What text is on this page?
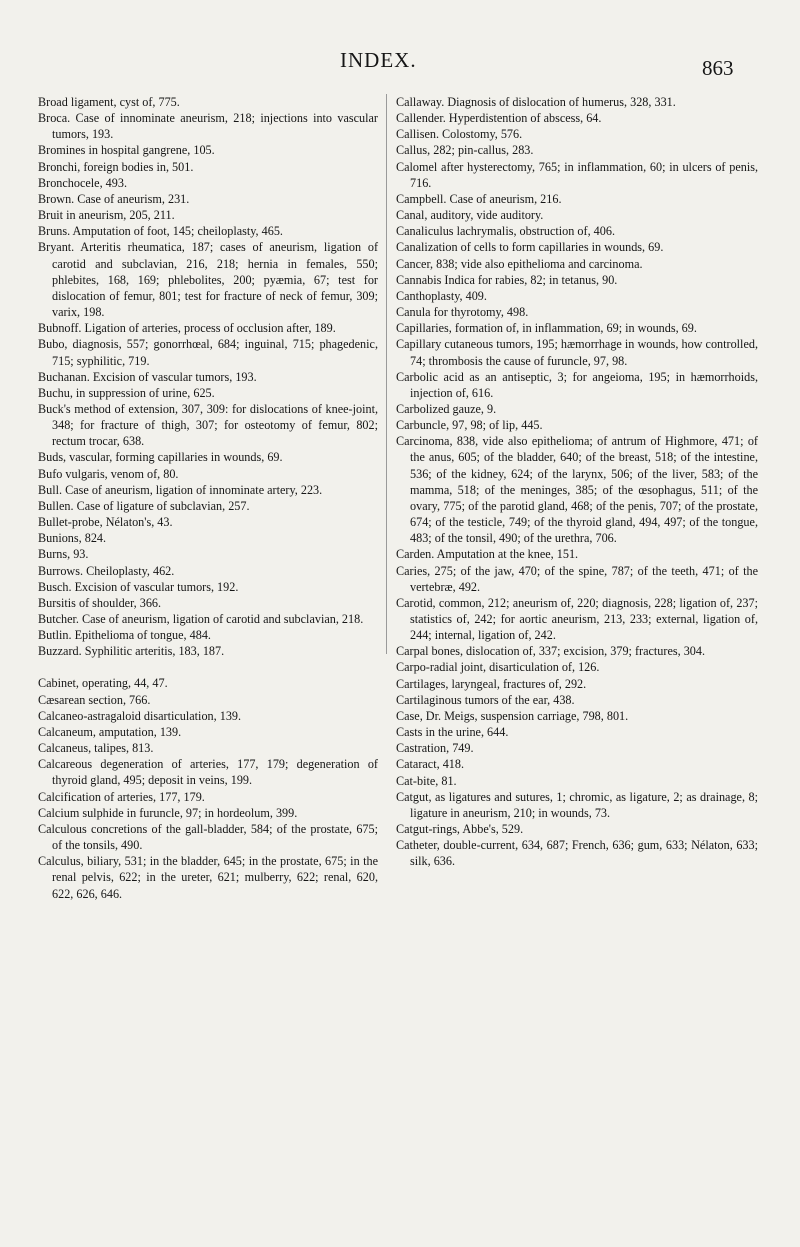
INDEX.	863

Broad ligament, cyst of, 775.

Broca. Case of innominate aneurism, 218; injections into vascular tumors, 193.

Bromines in hospital gangrene, 105.

Bronchi, foreign bodies in, 501.

Bronchocele, 493.

Brown. Case of aneurism, 231.

Bruit in aneurism, 205, 211.

Bruns. Amputation of foot, 145; cheiloplasty, 465.

Bryant. Arteritis rheumatica, 187; cases of aneurism, ligation of carotid and subclavian, 216, 218; hernia in females, 550; phlebites, 168, 169; phlebolites, 200; pyæmia, 67; test for dislocation of femur, 801; test for fracture of neck of femur, 309; varix, 198.

Bubnoff. Ligation of arteries, process of occlusion after, 189.

Bubo, diagnosis, 557; gonorrhœal, 684; inguinal, 715; phagedenic, 715; syphilitic, 719.

Buchanan. Excision of vascular tumors, 193.

Buchu, in suppression of urine, 625.

Buck's method of extension, 307, 309: for dislocations of knee-joint, 348; for fracture of thigh, 307; for osteotomy of femur, 802; rectum trocar, 638.

Buds, vascular, forming capillaries in wounds, 69.

Bufo vulgaris, venom of, 80.

Bull. Case of aneurism, ligation of innominate artery, 223.

Bullen. Case of ligature of subclavian, 257.

Bullet-probe, Nélaton's, 43.

Bunions, 824.

Burns, 93.

Burrows. Cheiloplasty, 462.

Busch. Excision of vascular tumors, 192.

Bursitis of shoulder, 366.

Butcher. Case of aneurism, ligation of carotid and subclavian, 218.

Butlin. Epithelioma of tongue, 484.

Buzzard. Syphilitic arteritis, 183, 187.

Cabinet, operating, 44, 47.

Cæsarean section, 766.

Calcaneo-astragaloid disarticulation, 139.

Calcaneum, amputation, 139.

Calcaneus, talipes, 813.

Calcareous degeneration of arteries, 177, 179; degeneration of thyroid gland, 495; deposit in veins, 199.

Calcification of arteries, 177, 179.

Calcium sulphide in furuncle, 97; in hordeolum, 399.

Calculous concretions of the gall-bladder, 584; of the prostate, 675; of the tonsils, 490.

Calculus, biliary, 531; in the bladder, 645; in the prostate, 675; in the renal pelvis, 622; in the ureter, 621; mulberry, 622; renal, 620, 622, 626, 646.

Callaway. Diagnosis of dislocation of humerus, 328, 331.

Callender. Hyperdistention of abscess, 64.

Callisen. Colostomy, 576.

Callus, 282; pin-callus, 283.

Calomel after hysterectomy, 765; in inflammation, 60; in ulcers of penis, 716.

Campbell. Case of aneurism, 216.

Canal, auditory, vide auditory.

Canaliculus lachrymalis, obstruction of, 406.

Canalization of cells to form capillaries in wounds, 69.

Cancer, 838; vide also epithelioma and carcinoma.

Cannabis Indica for rabies, 82; in tetanus, 90.

Canthoplasty, 409.

Canula for thyrotomy, 498.

Capillaries, formation of, in inflammation, 69; in wounds, 69.

Capillary cutaneous tumors, 195; hæmorrhage in wounds, how controlled, 74; thrombosis the cause of furuncle, 97, 98.

Carbolic acid as an antiseptic, 3; for angeioma, 195; in hæmorrhoids, injection of, 616.

Carbolized gauze, 9.

Carbuncle, 97, 98; of lip, 445.

Carcinoma, 838, vide also epithelioma; of antrum of Highmore, 471; of the anus, 605; of the bladder, 640; of the breast, 518; of the intestine, 536; of the kidney, 624; of the larynx, 506; of the liver, 583; of the mamma, 518; of the meninges, 385; of the œsophagus, 511; of the ovary, 775; of the parotid gland, 468; of the penis, 707; of the prostate, 674; of the testicle, 749; of the thyroid gland, 494, 497; of the tongue, 483; of the tonsil, 490; of the urethra, 706.

Carden. Amputation at the knee, 151.

Caries, 275; of the jaw, 470; of the spine, 787; of the teeth, 471; of the vertebræ, 492.

Carotid, common, 212; aneurism of, 220; diagnosis, 228; ligation of, 237; statistics of, 242; for aortic aneurism, 213, 233; external, ligation of, 244; internal, ligation of, 242.

Carpal bones, dislocation of, 337; excision, 379; fractures, 304.

Carpo-radial joint, disarticulation of, 126.

Cartilages, laryngeal, fractures of, 292.

Cartilaginous tumors of the ear, 438.

Case, Dr. Meigs, suspension carriage, 798, 801.

Casts in the urine, 644.

Castration, 749.

Cataract, 418.

Cat-bite, 81.

Catgut, as ligatures and sutures, 1; chromic, as ligature, 2; as drainage, 8; ligature in aneurism, 210; in wounds, 73.

Catgut-rings, Abbe's, 529.

Catheter, double-current, 634, 687; French, 636; gum, 633; Nélaton, 633; silk, 636.
